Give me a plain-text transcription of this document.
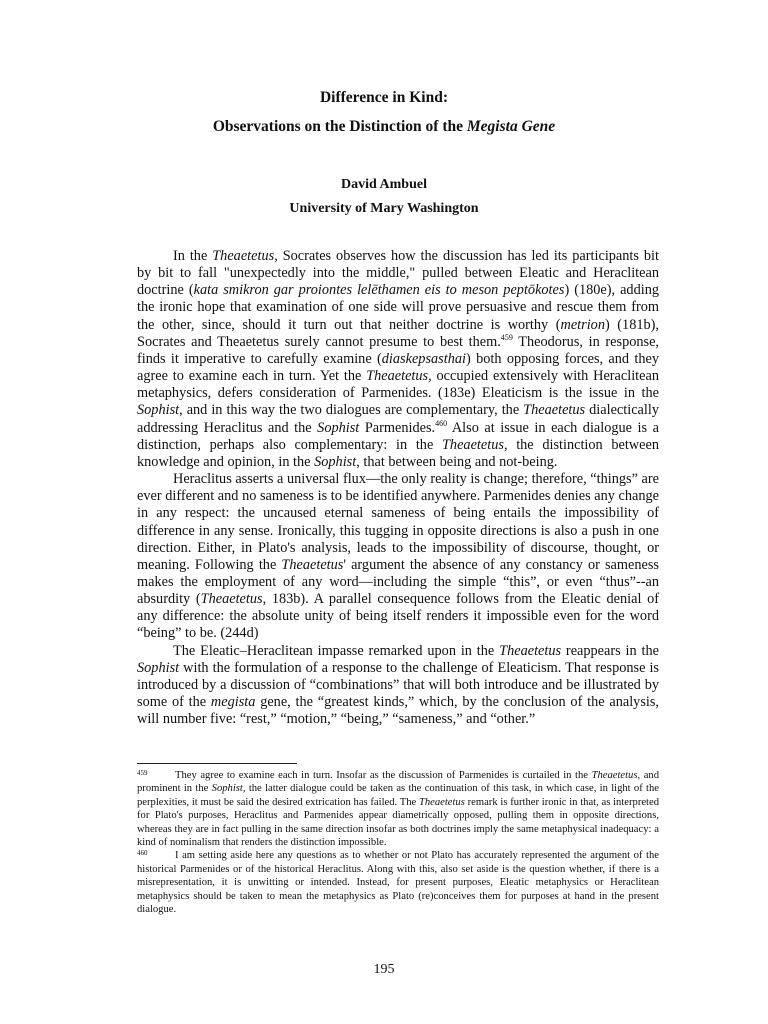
Difference in Kind:
Observations on the Distinction of the Megista Gene
David Ambuel
University of Mary Washington

In the Theaetetus, Socrates observes how the discussion has led its participants bit by bit to fall "unexpectedly into the middle," pulled between Eleatic and Heraclitean doctrine (kata smikron gar proiontes lelēthamen eis to meson peptōkotes) (180e), adding the ironic hope that examination of one side will prove persuasive and rescue them from the other, since, should it turn out that neither doctrine is worthy (metrion) (181b), Socrates and Theaetetus surely cannot presume to best them.$^{459}$ Theodorus, in response, finds it imperative to carefully examine (diaskepsasthai) both opposing forces, and they agree to examine each in turn. Yet the Theaetetus, occupied extensively with Heraclitean metaphysics, defers consideration of Parmenides. (183e) Eleaticism is the issue in the Sophist, and in this way the two dialogues are complementary, the Theaetetus dialectically addressing Heraclitus and the Sophist Parmenides.$^{460}$ Also at issue in each dialogue is a distinction, perhaps also complementary: in the Theaetetus, the distinction between knowledge and opinion, in the Sophist, that between being and not-being.

Heraclitus asserts a universal flux—the only reality is change; therefore, “things” are ever different and no sameness is to be identified anywhere. Parmenides denies any change in any respect: the uncaused eternal sameness of being entails the impossibility of difference in any sense. Ironically, this tugging in opposite directions is also a push in one direction. Either, in Plato's analysis, leads to the impossibility of discourse, thought, or meaning. Following the Theaetetus' argument the absence of any constancy or sameness makes the employment of any word—including the simple “this”, or even “thus”--an absurdity (Theaetetus, 183b). A parallel consequence follows from the Eleatic denial of any difference: the absolute unity of being itself renders it impossible even for the word “being” to be. (244d)

The Eleatic–Heraclitean impasse remarked upon in the Theaetetus reappears in the Sophist with the formulation of a response to the challenge of Eleaticism. That response is introduced by a discussion of “combinations” that will both introduce and be illustrated by some of the megista gene, the “greatest kinds,” which, by the conclusion of the analysis, will number five: “rest,” “motion,” “being,” “sameness,” and “other.”

459	They agree to examine each in turn. Insofar as the discussion of Parmenides is curtailed in the Theaetetus, and prominent in the Sophist, the latter dialogue could be taken as the continuation of this task, in which case, in light of the perplexities, it must be said the desired extrication has failed. The Theaetetus remark is further ironic in that, as interpreted for Plato's purposes, Heraclitus and Parmenides appear diametrically opposed, pulling them in opposite directions, whereas they are in fact pulling in the same direction insofar as both doctrines imply the same metaphysical inadequacy: a kind of nominalism that renders the distinction impossible.

460	I am setting aside here any questions as to whether or not Plato has accurately represented the argument of the historical Parmenides or of the historical Heraclitus. Along with this, also set aside is the question whether, if there is a misrepresentation, it is unwitting or intended. Instead, for present purposes, Eleatic metaphysics or Heraclitean metaphysics should be taken to mean the metaphysics as Plato (re)conceives them for purposes at hand in the present dialogue.

195
